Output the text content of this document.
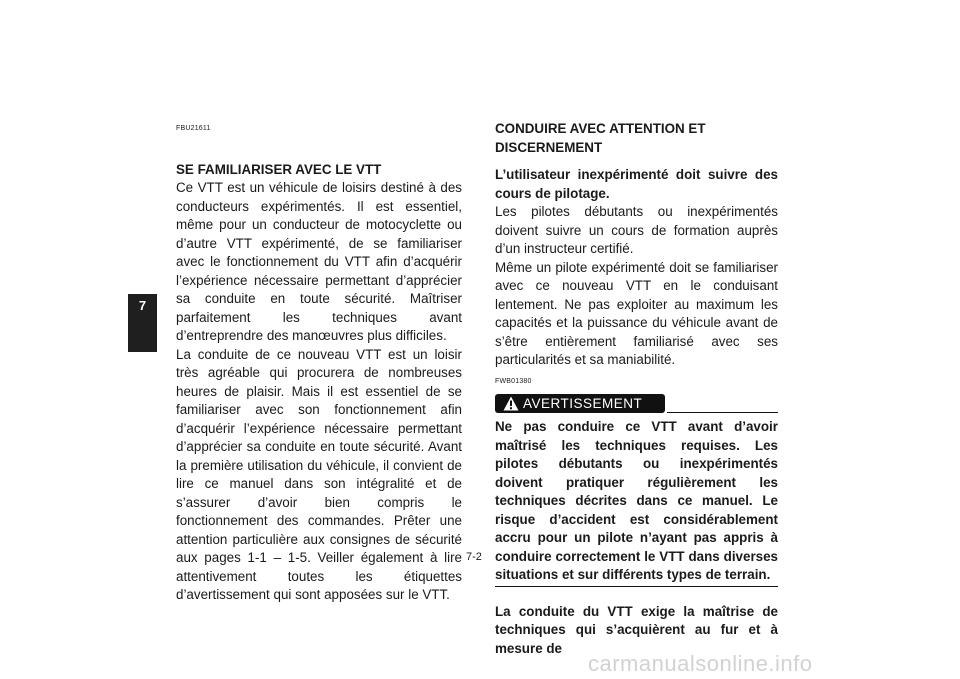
7
FBU21611

SE FAMILIARISER AVEC LE VTT

Ce VTT est un véhicule de loisirs destiné à des conducteurs expérimentés. Il est essentiel, même pour un conducteur de motocyclette ou d’autre VTT expérimenté, de se familiariser avec le fonctionnement du VTT afin d’acquérir l’expérience nécessaire permettant d’apprécier sa conduite en toute sécurité. Maîtriser parfaitement les techniques avant d’entreprendre des manœuvres plus difficiles.

La conduite de ce nouveau VTT est un loisir très agréable qui procurera de nombreuses heures de plaisir. Mais il est essentiel de se familiariser avec son fonctionnement afin d’acquérir l’expérience nécessaire permettant d’apprécier sa conduite en toute sécurité. Avant la première utilisation du véhicule, il convient de lire ce manuel dans son intégralité et de s’assurer d’avoir bien compris le fonctionnement des commandes. Prêter une attention particulière aux consignes de sécurité aux pages 1-1 – 1-5. Veiller également à lire attentivement toutes les étiquettes d’avertissement qui sont apposées sur le VTT.

CONDUIRE AVEC ATTENTION ET DISCERNEMENT

L’utilisateur inexpérimenté doit suivre des cours de pilotage.

Les pilotes débutants ou inexpérimentés doivent suivre un cours de formation auprès d’un instructeur certifié.

Même un pilote expérimenté doit se familiariser avec ce nouveau VTT en le conduisant lentement. Ne pas exploiter au maximum les capacités et la puissance du véhicule avant de s’être entièrement familiarisé avec ses particularités et sa maniabilité.

FWB01380
AVERTISSEMENT

Ne pas conduire ce VTT avant d’avoir maîtrisé les techniques requises. Les pilotes débutants ou inexpérimentés doivent pratiquer régulièrement les techniques décrites dans ce manuel. Le risque d’accident est considérablement accru pour un pilote n’ayant pas appris à conduire correctement le VTT dans diverses situations et sur différents types de terrain.

La conduite du VTT exige la maîtrise de techniques qui s’acquièrent au fur et à mesure de

7-2
carmanualsonline.info
